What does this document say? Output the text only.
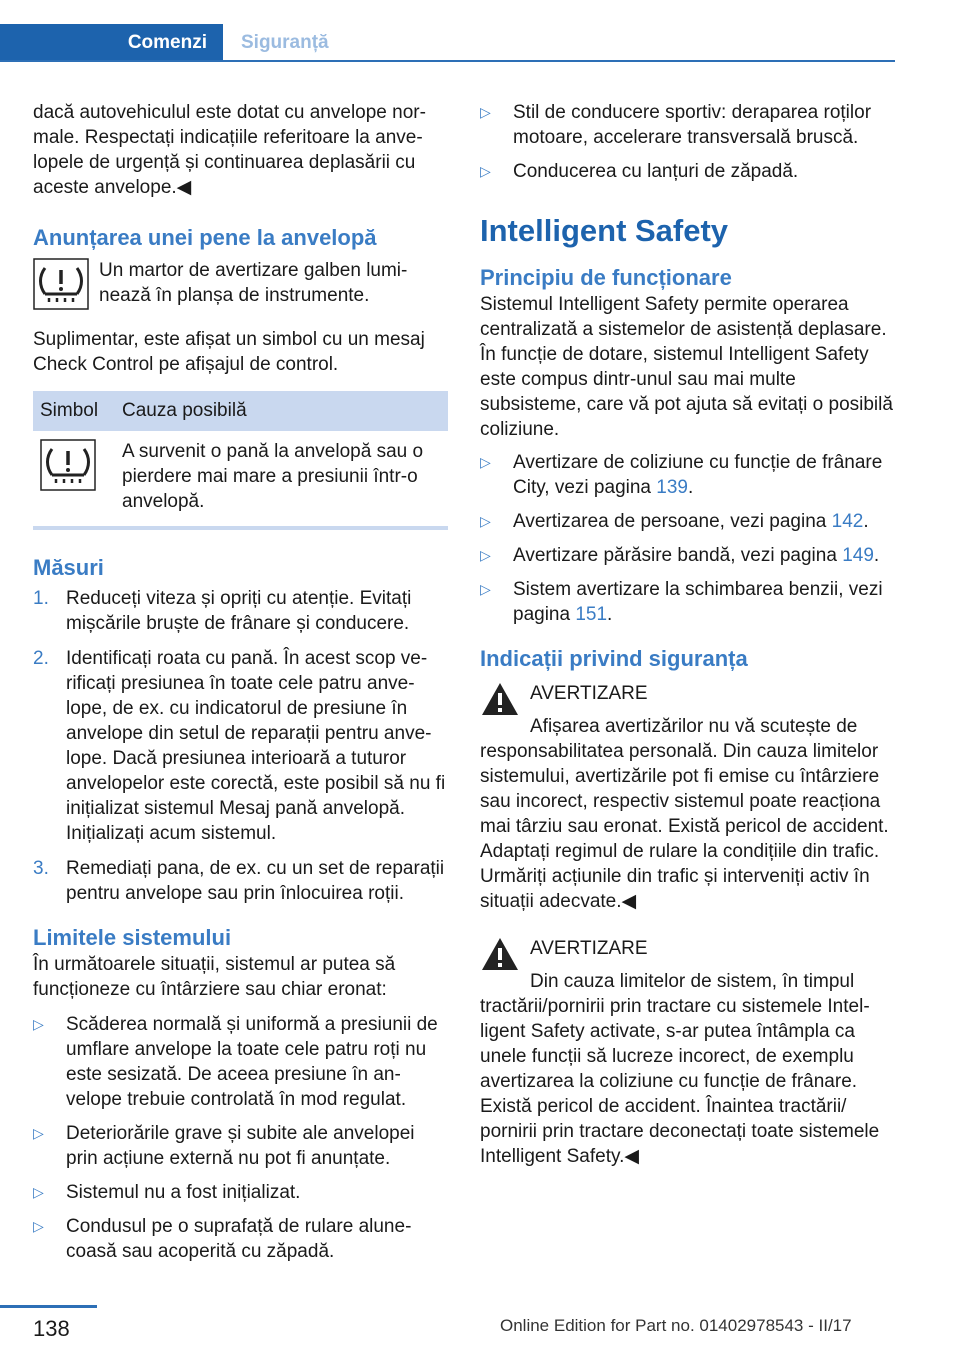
Comenzi	Siguranță

dacă autovehiculul este dotat cu anvelope normale. Respectați indicațiile referitoare la anvelopele de urgență și continuarea deplasării cu aceste anvelope.◀

Anunțarea unei pene la anvelopă

Un martor de avertizare galben luminează în planșa de instrumente.

Suplimentar, este afișat un simbol cu un mesaj Check Control pe afișajul de control.

Simbol	Cauza posibilă
	A survenit o pană la anvelopă sau o pierdere mai mare a presiunii într-o anvelopă.
Măsuri
1. Reduceți viteza și opriți cu atenție. Evitați mișcările bruște de frânare și conducere.
2. Identificați roata cu pană. În acest scop verificați presiunea în toate cele patru anvelope, de ex. cu indicatorul de presiune în anvelope din setul de reparații pentru anvelope. Dacă presiunea interioară a tuturor anvelopelor este corectă, este posibil să nu fi inițializat sistemul Mesaj pană anvelopă. Inițializați acum sistemul.
3. Remediați pana, de ex. cu un set de reparații pentru anvelope sau prin înlocuirea roții.
Limitele sistemului

În următoarele situații, sistemul ar putea să funcționeze cu întârziere sau chiar eronat:

▷	Scăderea normală și uniformă a presiunii de umflare anvelope la toate cele patru roți nu este sesizată. De aceea presiune în anvelope trebuie controlată în mod regulat.
▷	Deteriorările grave și subite ale anvelopei prin acțiune externă nu pot fi anunțate.
▷	Sistemul nu a fost inițializat.
▷	Condusul pe o suprafață de rulare alunecoasă sau acoperită cu zăpadă.
▷	Stil de conducere sportiv: deraparea roților motoare, accelerare transversală bruscă.
▷	Conducerea cu lanțuri de zăpadă.
Intelligent Safety
Principiu de funcționare

Sistemul Intelligent Safety permite operarea centralizată a sistemelor de asistență deplasare. În funcție de dotare, sistemul Intelligent Safety este compus dintr-unul sau mai multe subsisteme, care vă pot ajuta să evitați o posibilă coliziune.

▷	Avertizare de coliziune cu funcție de frânare City, vezi pagina 139.
▷	Avertizarea de persoane, vezi pagina 142.
▷	Avertizare părăsire bandă, vezi pagina 149.
▷	Sistem avertizare la schimbarea benzii, vezi pagina 151.
Indicații privind siguranța

AVERTIZARE

Afișarea avertizărilor nu vă scutește de

responsabilitatea personală. Din cauza limitelor sistemului, avertizările pot fi emise cu întârziere sau incorect, respectiv sistemul poate reacționa mai târziu sau eronat. Există pericol de accident. Adaptați regimul de rulare la condițiile din trafic. Urmăriți acțiunile din trafic și interveniți activ în situații adecvate.◀

AVERTIZARE

Din cauza limitelor de sistem, în timpul

tractării/pornirii prin tractare cu sistemele Intelligent Safety activate, s-ar putea întâmpla ca unele funcții să lucreze incorect, de exemplu avertizarea la coliziune cu funcție de frânare. Există pericol de accident. Înaintea tractării/ pornirii prin tractare deconectați toate sistemele Intelligent Safety.◀

138	Online Edition for Part no. 01402978543 - II/17
